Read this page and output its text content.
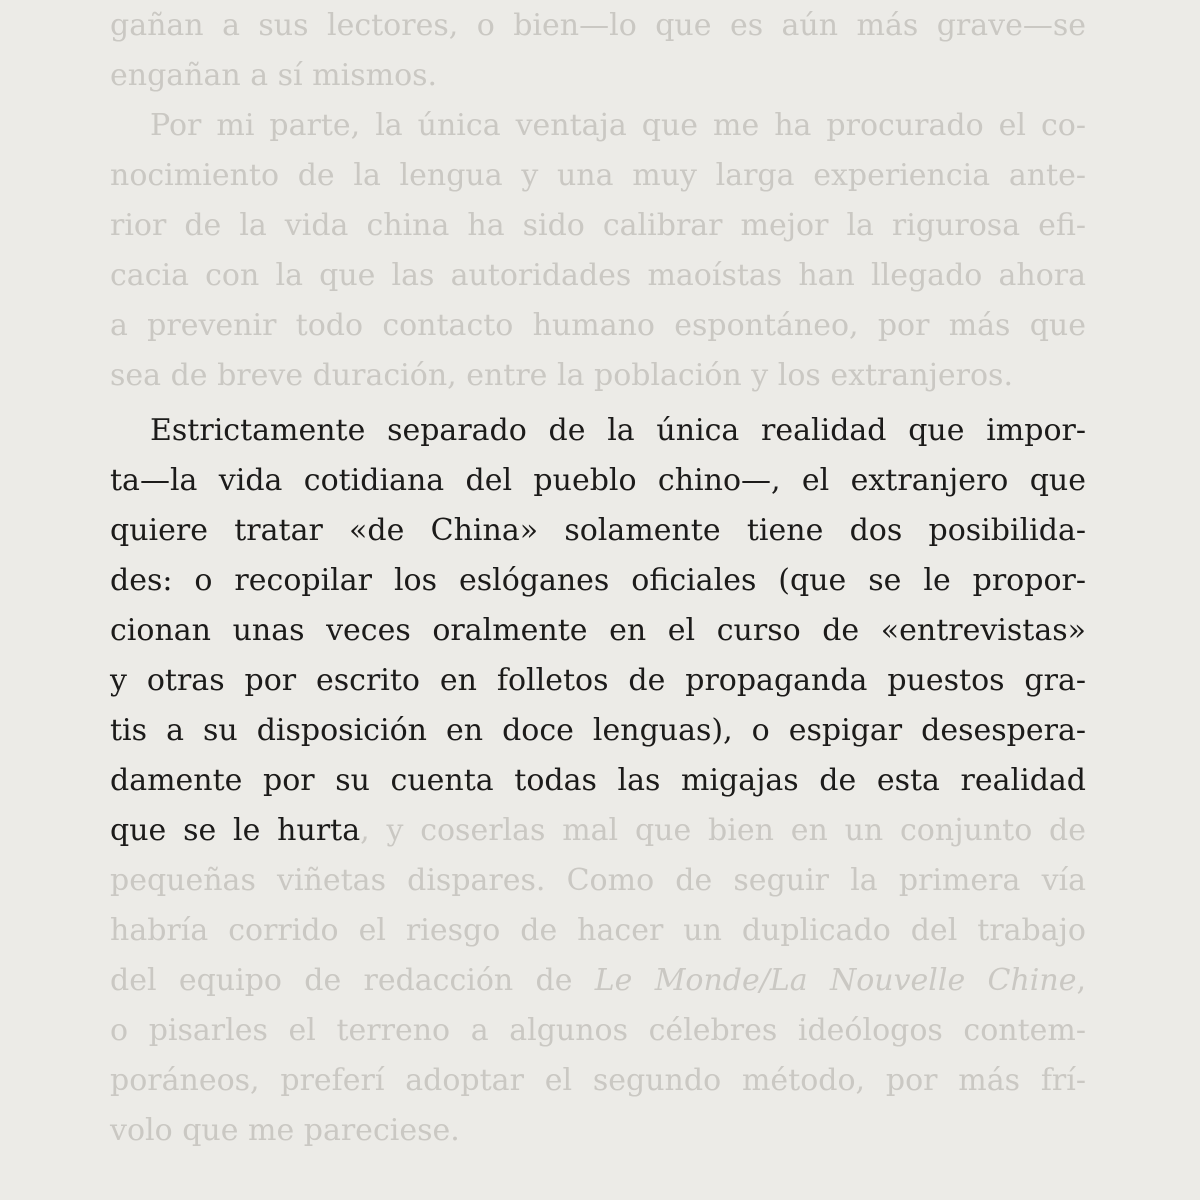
gañan a sus lectores, o bien—lo que es aún más grave—se
engañan a sí mismos.
Por mi parte, la única ventaja que me ha procurado el co-
nocimiento de la lengua y una muy larga experiencia ante-
rior de la vida china ha sido calibrar mejor la rigurosa efi-
cacia con la que las autoridades maoístas han llegado ahora
a prevenir todo contacto humano espontáneo, por más que
sea de breve duración, entre la población y los extranjeros.
Estrictamente separado de la única realidad que impor-
ta—la vida cotidiana del pueblo chino—, el extranjero que
quiere tratar «de China» solamente tiene dos posibilida-
des: o recopilar los eslóganes oficiales (que se le propor-
cionan unas veces oralmente en el curso de «entrevistas»
y otras por escrito en folletos de propaganda puestos gra-
tis a su disposición en doce lenguas), o espigar desespera-
damente por su cuenta todas las migajas de esta realidad
que se le hurta, y coserlas mal que bien en un conjunto de
pequeñas viñetas dispares. Como de seguir la primera vía
habría corrido el riesgo de hacer un duplicado del trabajo
del equipo de redacción de Le Monde/La Nouvelle Chine,
o pisarles el terreno a algunos célebres ideólogos contem-
poráneos, preferí adoptar el segundo método, por más frí-
volo que me pareciese.
